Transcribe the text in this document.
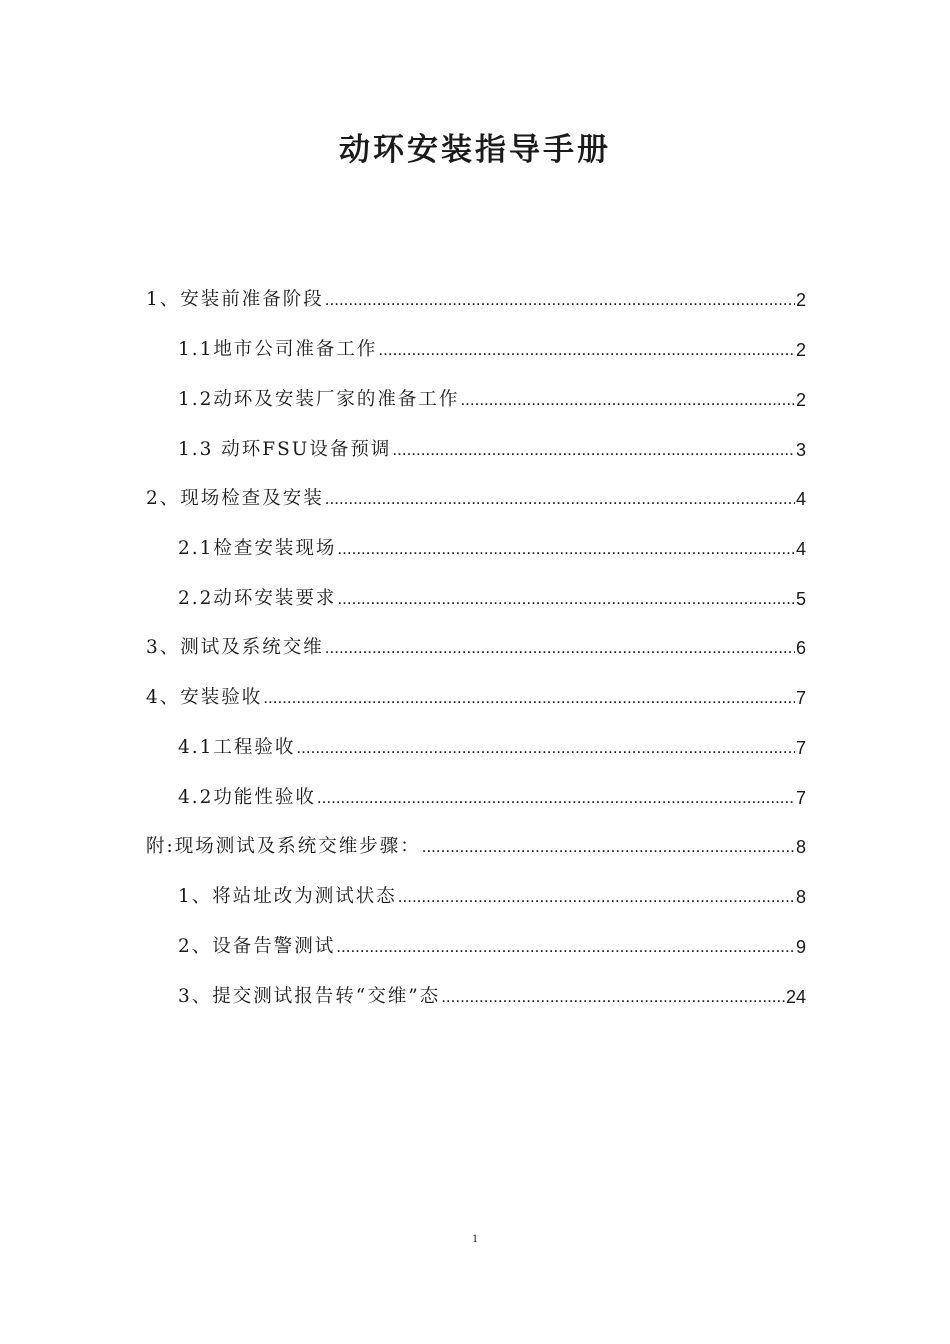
动环安装指导手册
1、安装前准备阶段 .....	2
1.1地市公司准备工作 .....	2
1.2动环及安装厂家的准备工作 .....	2
1.3 动环FSU设备预调 .....	3
2、现场检查及安装 .....	4
2.1检查安装现场 .....	4
2.2动环安装要求 .....	5
3、测试及系统交维 .....	6
4、安装验收 .....	7
4.1工程验收 .....	7
4.2功能性验收 .....	7
附:现场测试及系统交维步骤： .....	8
1、将站址改为测试状态 .....	8
2、设备告警测试 .....	9
3、提交测试报告转“交维”态 .....	24
1
